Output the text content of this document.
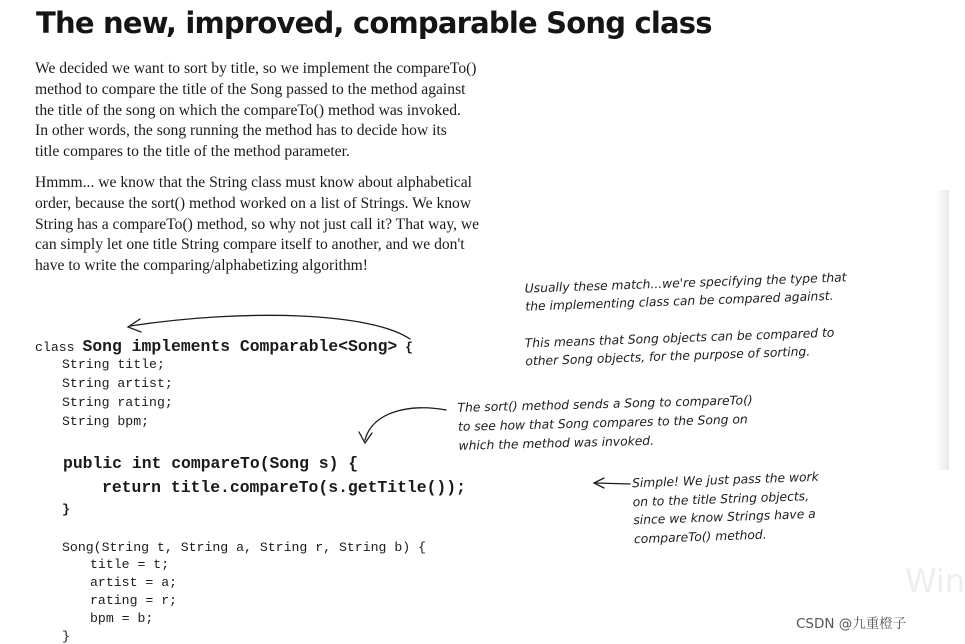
The new, improved, comparable Song class
We decided we want to sort by title, so we implement the compareTo()
method to compare the title of the Song passed to the method against
the title of the song on which the compareTo() method was invoked.
In other words, the song running the method has to decide how its
title compares to the title of the method parameter.
Hmmm... we know that the String class must know about alphabetical
order, because the sort() method worked on a list of Strings. We know
String has a compareTo() method, so why not just call it? That way, we
can simply let one title String compare itself to another, and we don't
have to write the comparing/alphabetizing algorithm!
class Song implements Comparable<Song> {
String title;
String artist;
String rating;
String bpm;
public int compareTo(Song s) {
return title.compareTo(s.getTitle());
}
Song(String t, String a, String r, String b) {
title = t;
artist = a;
rating = r;
bpm = b;
}
Usually these match...we're specifying the type that
the implementing class can be compared against.
This means that Song objects can be compared to
other Song objects, for the purpose of sorting.
The sort() method sends a Song to compareTo()
to see how that Song compares to the Song on
which the method was invoked.
Simple! We just pass the work
on to the title String objects,
since we know Strings have a
compareTo() method.
Win
CSDN @九重橙子
